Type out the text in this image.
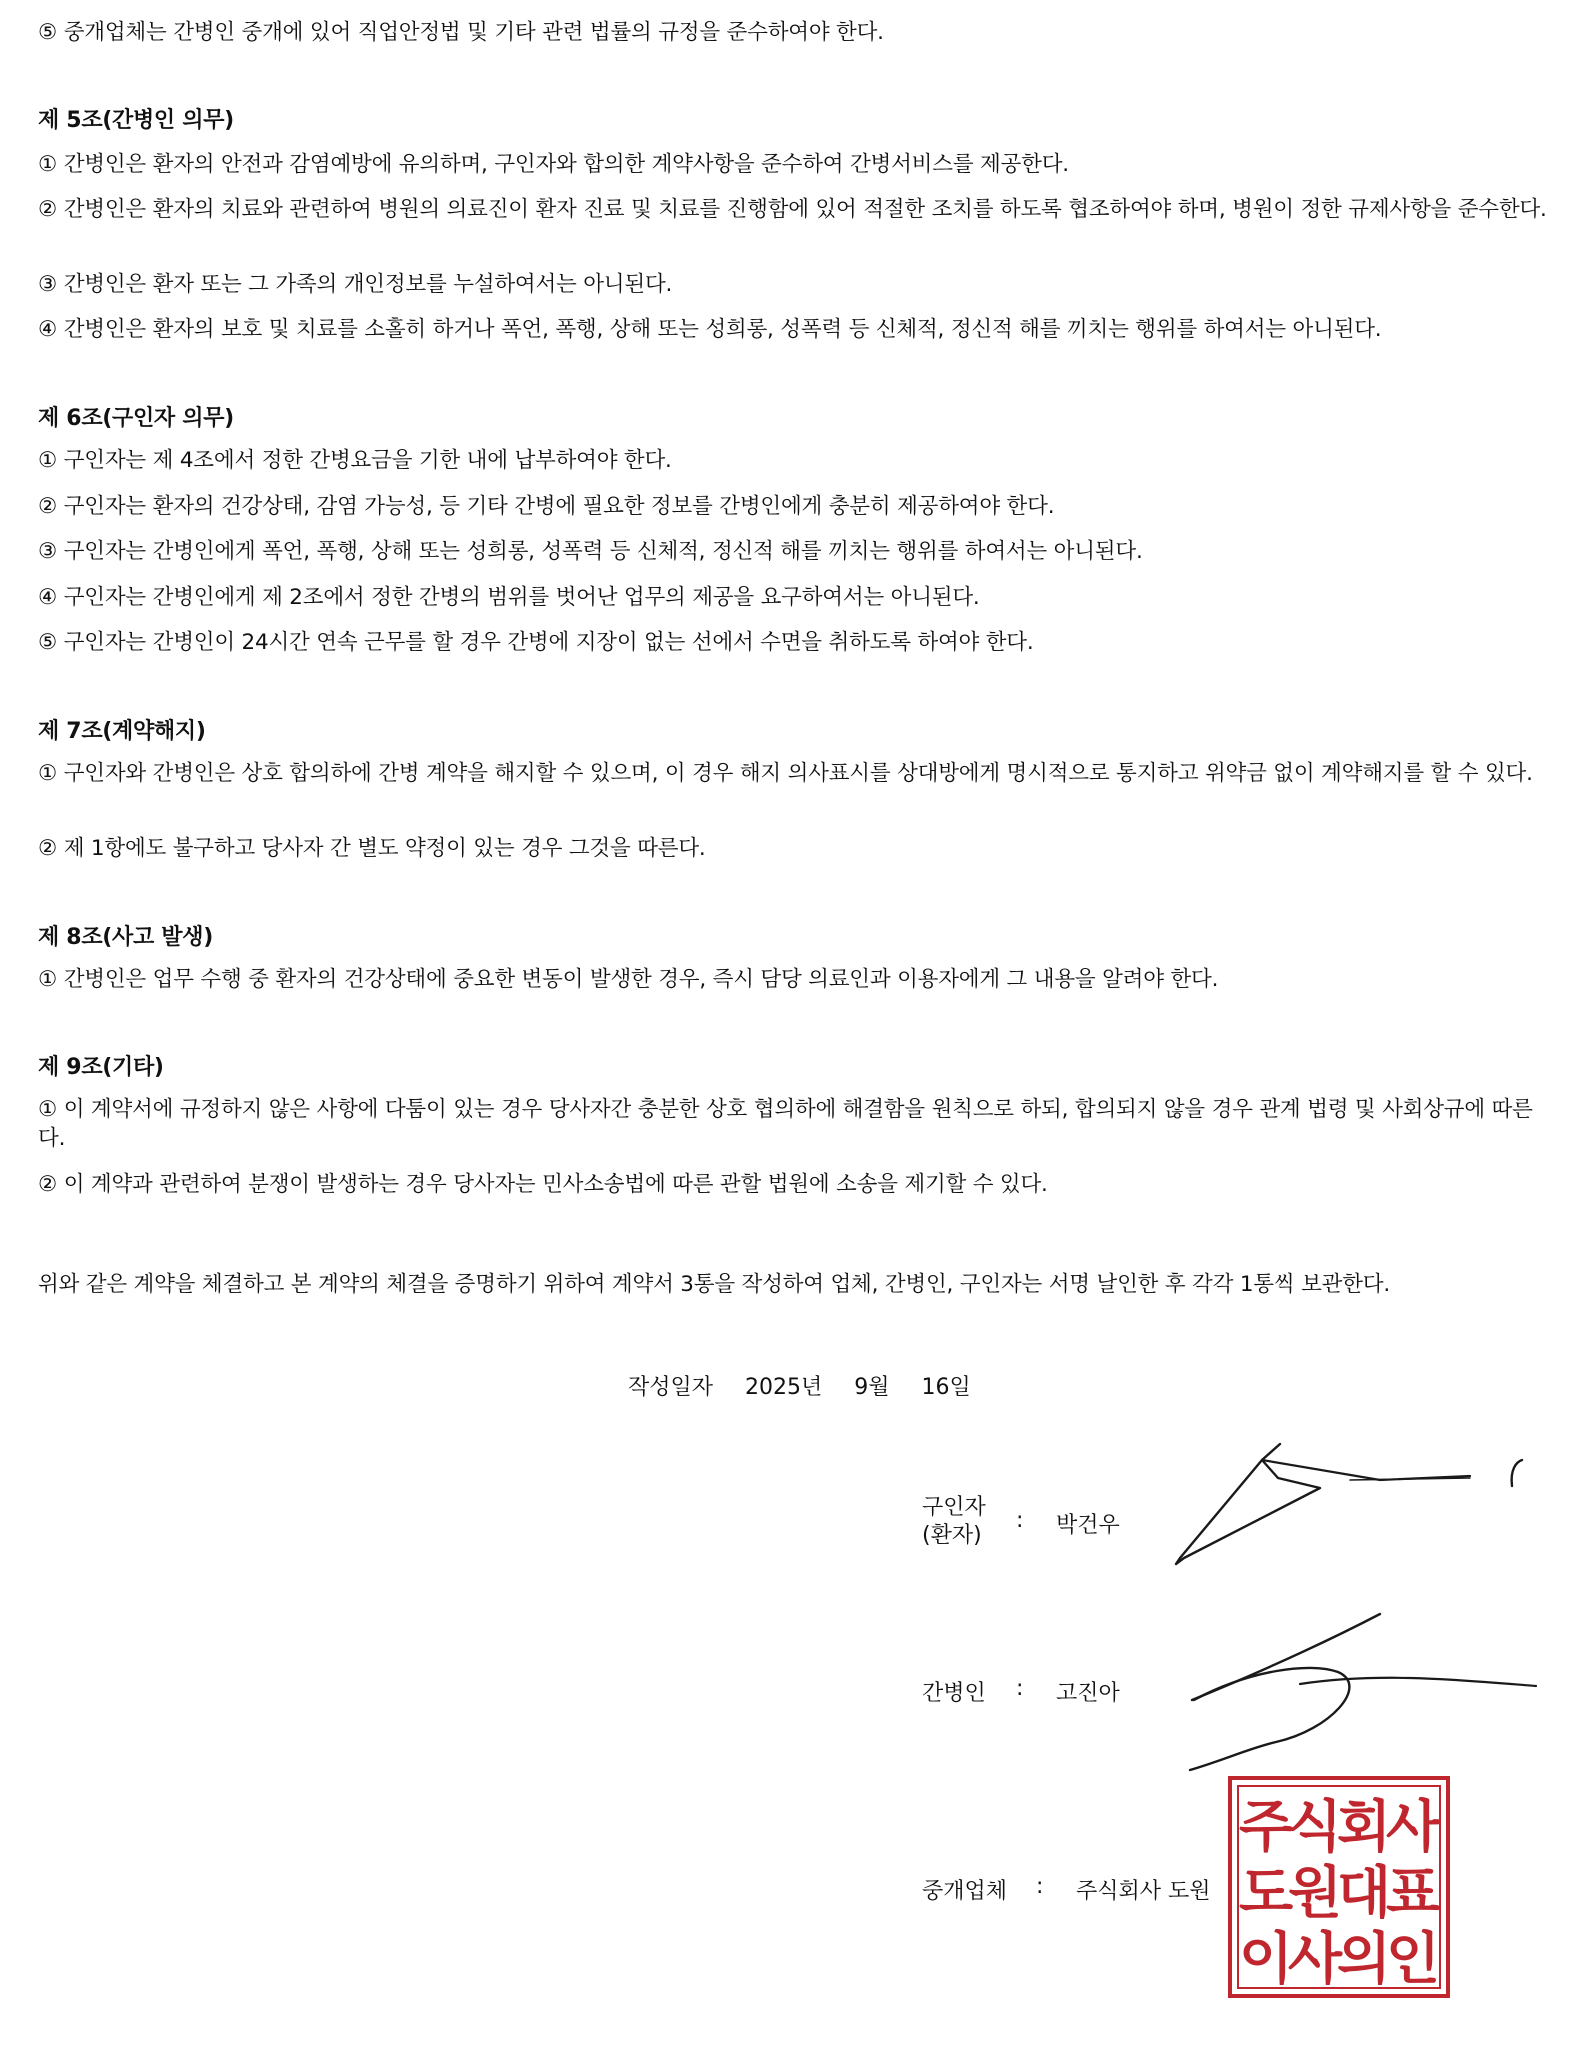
⑤ 중개업체는 간병인 중개에 있어 직업안정법 및 기타 관련 법률의 규정을 준수하여야 한다.
제 5조(간병인 의무)
① 간병인은 환자의 안전과 감염예방에 유의하며, 구인자와 합의한 계약사항을 준수하여 간병서비스를 제공한다.
② 간병인은 환자의 치료와 관련하여 병원의 의료진이 환자 진료 및 치료를 진행함에 있어 적절한 조치를 하도록 협조하여야 하며, 병원이 정한 규제사항을 준수한다.
③ 간병인은 환자 또는 그 가족의 개인정보를 누설하여서는 아니된다.
④ 간병인은 환자의 보호 및 치료를 소홀히 하거나 폭언, 폭행, 상해 또는 성희롱, 성폭력 등 신체적, 정신적 해를 끼치는 행위를 하여서는 아니된다.
제 6조(구인자 의무)
① 구인자는 제 4조에서 정한 간병요금을 기한 내에 납부하여야 한다.
② 구인자는 환자의 건강상태, 감염 가능성, 등 기타 간병에 필요한 정보를 간병인에게 충분히 제공하여야 한다.
③ 구인자는 간병인에게 폭언, 폭행, 상해 또는 성희롱, 성폭력 등 신체적, 정신적 해를 끼치는 행위를 하여서는 아니된다.
④ 구인자는 간병인에게 제 2조에서 정한 간병의 범위를 벗어난 업무의 제공을 요구하여서는 아니된다.
⑤ 구인자는 간병인이 24시간 연속 근무를 할 경우 간병에 지장이 없는 선에서 수면을 취하도록 하여야 한다.
제 7조(계약해지)
① 구인자와 간병인은 상호 합의하에 간병 계약을 해지할 수 있으며, 이 경우 해지 의사표시를 상대방에게 명시적으로 통지하고 위약금 없이 계약해지를 할 수 있다.
② 제 1항에도 불구하고 당사자 간 별도 약정이 있는 경우 그것을 따른다.
제 8조(사고 발생)
① 간병인은 업무 수행 중 환자의 건강상태에 중요한 변동이 발생한 경우, 즉시 담당 의료인과 이용자에게 그 내용을 알려야 한다.
제 9조(기타)
① 이 계약서에 규정하지 않은 사항에 다툼이 있는 경우 당사자간 충분한 상호 협의하에 해결함을 원칙으로 하되, 합의되지 않을 경우 관계 법령 및 사회상규에 따른다.
② 이 계약과 관련하여 분쟁이 발생하는 경우 당사자는 민사소송법에 따른 관할 법원에 소송을 제기할 수 있다.
위와 같은 계약을 체결하고 본 계약의 체결을 증명하기 위하여 계약서 3통을 작성하여 업체, 간병인, 구인자는 서명 날인한 후 각각 1통씩 보관한다.
작성일자 2025년 9월 16일
구인자
(환자)
: 박건우
간병인 : 고진아
중개업체 : 주식회사 도원
주
식
회
사
도
원
대
표
이
사
의
인
